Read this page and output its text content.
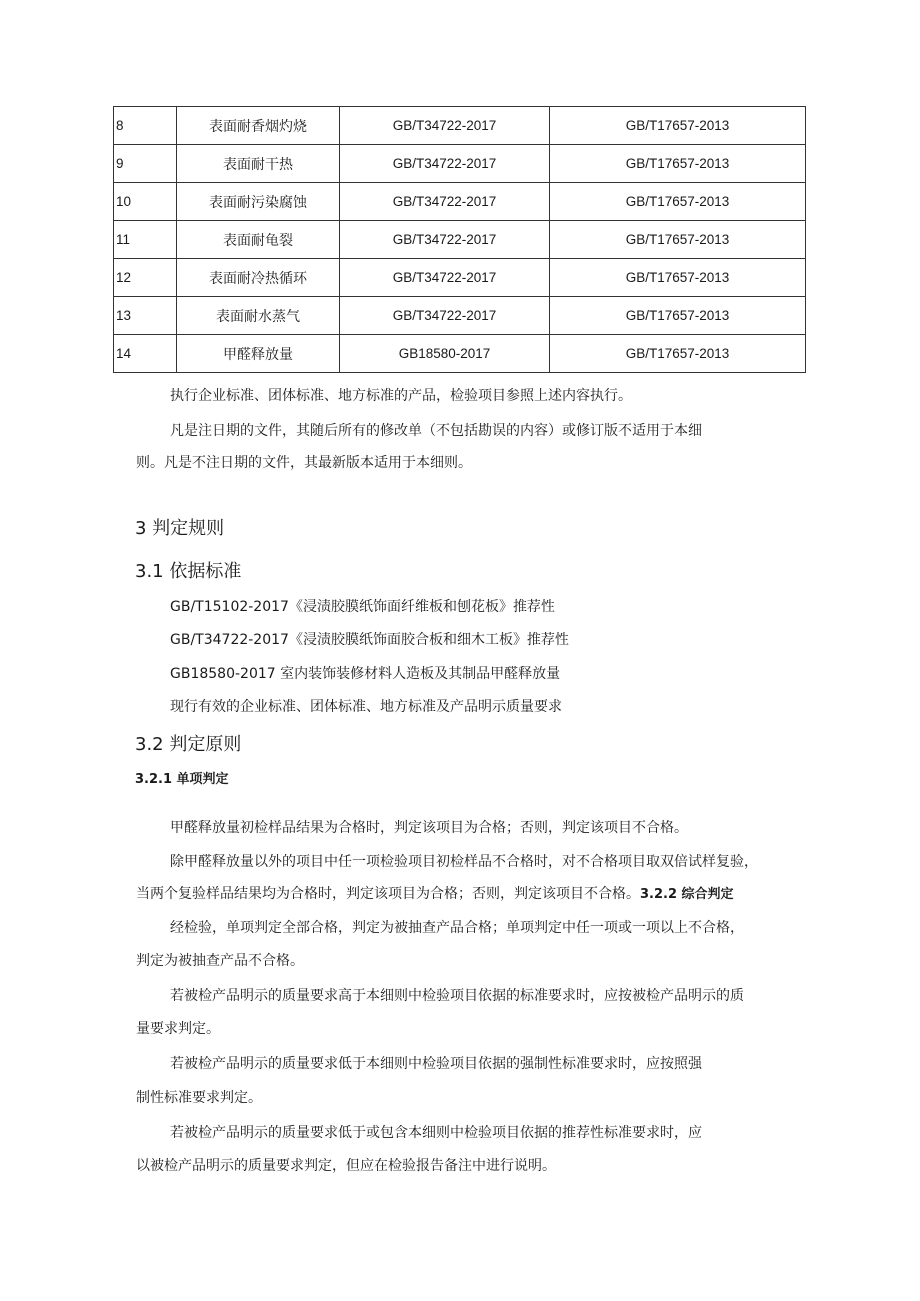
8	表面耐香烟灼烧	GB/T34722-2017	GB/T17657-2013
9	表面耐干热	GB/T34722-2017	GB/T17657-2013
10	表面耐污染腐蚀	GB/T34722-2017	GB/T17657-2013
11	表面耐龟裂	GB/T34722-2017	GB/T17657-2013
12	表面耐冷热循环	GB/T34722-2017	GB/T17657-2013
13	表面耐水蒸气	GB/T34722-2017	GB/T17657-2013
14	甲醛释放量	GB18580-2017	GB/T17657-2013
执行企业标准、团体标准、地方标准的产品，检验项目参照上述内容执行。
凡是注日期的文件，其随后所有的修改单（不包括勘误的内容）或修订版不适用于本细
则。凡是不注日期的文件，其最新版本适用于本细则。
3 判定规则
3.1 依据标准
GB/T15102-2017《浸渍胶膜纸饰面纤维板和刨花板》推荐性
GB/T34722-2017《浸渍胶膜纸饰面胶合板和细木工板》推荐性
GB18580-2017 室内装饰装修材料人造板及其制品甲醛释放量
现行有效的企业标准、团体标准、地方标准及产品明示质量要求
3.2 判定原则
3.2.1 单项判定
甲醛释放量初检样品结果为合格时，判定该项目为合格；否则，判定该项目不合格。
除甲醛释放量以外的项目中任一项检验项目初检样品不合格时，对不合格项目取双倍试样复验，
当两个复验样品结果均为合格时，判定该项目为合格；否则，判定该项目不合格。3.2.2 综合判定
经检验，单项判定全部合格，判定为被抽查产品合格；单项判定中任一项或一项以上不合格，
判定为被抽查产品不合格。
若被检产品明示的质量要求高于本细则中检验项目依据的标准要求时，应按被检产品明示的质
量要求判定。
若被检产品明示的质量要求低于本细则中检验项目依据的强制性标准要求时，应按照强
制性标准要求判定。
若被检产品明示的质量要求低于或包含本细则中检验项目依据的推荐性标准要求时，应
以被检产品明示的质量要求判定，但应在检验报告备注中进行说明。
